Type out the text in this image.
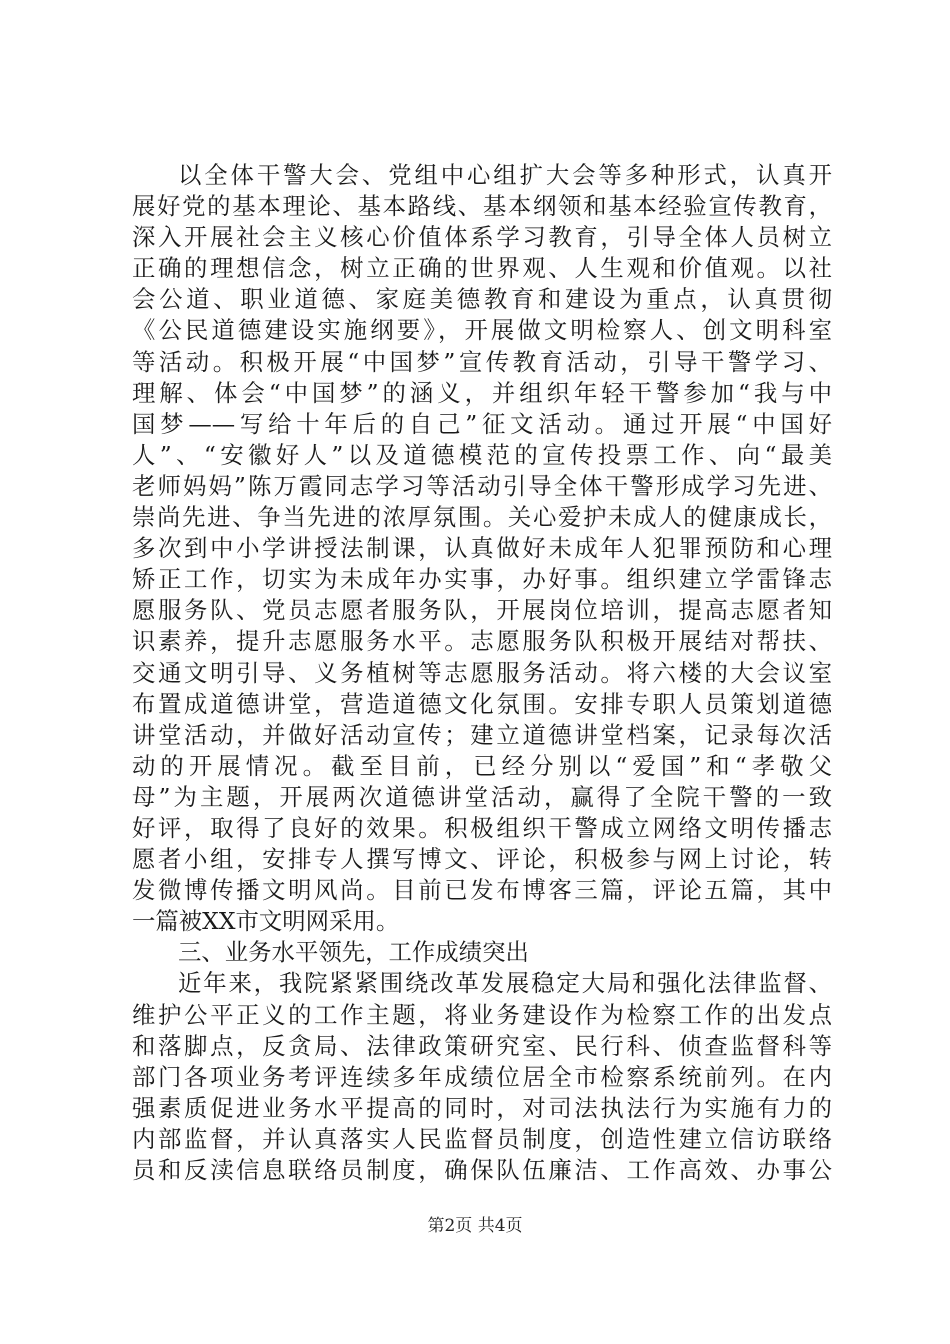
以全体干警大会、党组中心组扩大会等多种形式，认真开
展好党的基本理论、基本路线、基本纲领和基本经验宣传教育，
深入开展社会主义核心价值体系学习教育，引导全体人员树立
正确的理想信念，树立正确的世界观、人生观和价值观。以社
会公道、职业道德、家庭美德教育和建设为重点，认真贯彻
《公民道德建设实施纲要》，开展做文明检察人、创文明科室
等活动。积极开展“中国梦”宣传教育活动，引导干警学习、
理解、体会“中国梦”的涵义，并组织年轻干警参加“我与中
国梦——写给十年后的自己”征文活动。通过开展“中国好
人”、“安徽好人”以及道德模范的宣传投票工作、向“最美
老师妈妈”陈万霞同志学习等活动引导全体干警形成学习先进、
崇尚先进、争当先进的浓厚氛围。关心爱护未成人的健康成长，
多次到中小学讲授法制课，认真做好未成年人犯罪预防和心理
矫正工作，切实为未成年办实事，办好事。组织建立学雷锋志
愿服务队、党员志愿者服务队，开展岗位培训，提高志愿者知
识素养，提升志愿服务水平。志愿服务队积极开展结对帮扶、
交通文明引导、义务植树等志愿服务活动。将六楼的大会议室
布置成道德讲堂，营造道德文化氛围。安排专职人员策划道德
讲堂活动，并做好活动宣传；建立道德讲堂档案，记录每次活
动的开展情况。截至目前，已经分别以“爱国”和“孝敬父
母”为主题，开展两次道德讲堂活动，赢得了全院干警的一致
好评，取得了良好的效果。积极组织干警成立网络文明传播志
愿者小组，安排专人撰写博文、评论，积极参与网上讨论，转
发微博传播文明风尚。目前已发布博客三篇，评论五篇，其中
一篇被XX市文明网采用。
三、业务水平领先，工作成绩突出
近年来，我院紧紧围绕改革发展稳定大局和强化法律监督、
维护公平正义的工作主题，将业务建设作为检察工作的出发点
和落脚点，反贪局、法律政策研究室、民行科、侦查监督科等
部门各项业务考评连续多年成绩位居全市检察系统前列。在内
强素质促进业务水平提高的同时，对司法执法行为实施有力的
内部监督，并认真落实人民监督员制度，创造性建立信访联络
员和反渎信息联络员制度，确保队伍廉洁、工作高效、办事公
第2页 共4页
